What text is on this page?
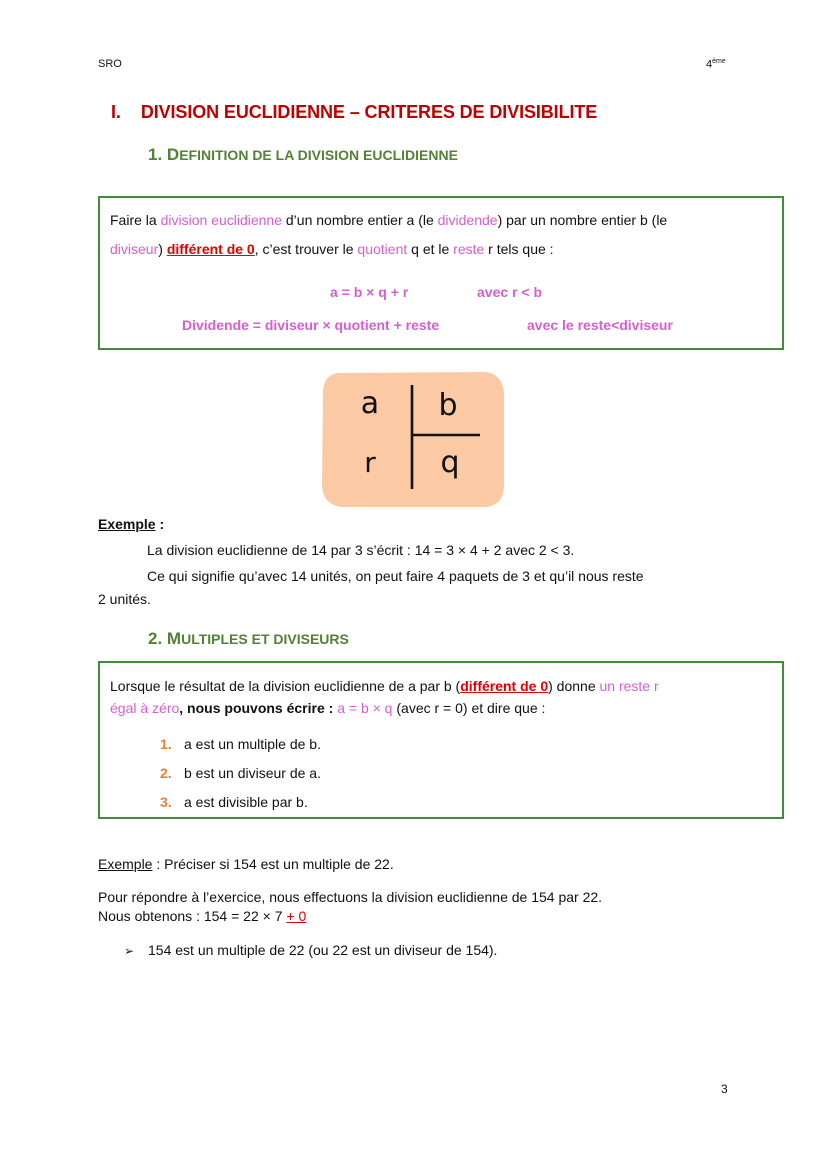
SRO	4ème
I. DIVISION EUCLIDIENNE – CRITERES DE DIVISIBILITE
1. DEFINITION DE LA DIVISION EUCLIDIENNE
Faire la division euclidienne d’un nombre entier a (le dividende) par un nombre entier b (le
diviseur) différent de 0, c’est trouver le quotient q et le reste r tels que :
a = b × q + r	avec r < b
Dividende = diviseur × quotient + reste	avec le reste<diviseur
a b
r q
Exemple :
La division euclidienne de 14 par 3 s’écrit : 14 = 3 × 4 + 2 avec 2 < 3.
Ce qui signifie qu’avec 14 unités, on peut faire 4 paquets de 3 et qu’il nous reste
2 unités.
2. MULTIPLES ET DIVISEURS
Lorsque le résultat de la division euclidienne de a par b (différent de 0) donne un reste r
égal à zéro, nous pouvons écrire : a = b × q (avec r = 0) et dire que :
1. a est un multiple de b.
2. b est un diviseur de a.
3. a est divisible par b.
Exemple : Préciser si 154 est un multiple de 22.
Pour répondre à l’exercice, nous effectuons la division euclidienne de 154 par 22.
Nous obtenons : 154 = 22 × 7 + 0
➢ 154 est un multiple de 22 (ou 22 est un diviseur de 154).
3
